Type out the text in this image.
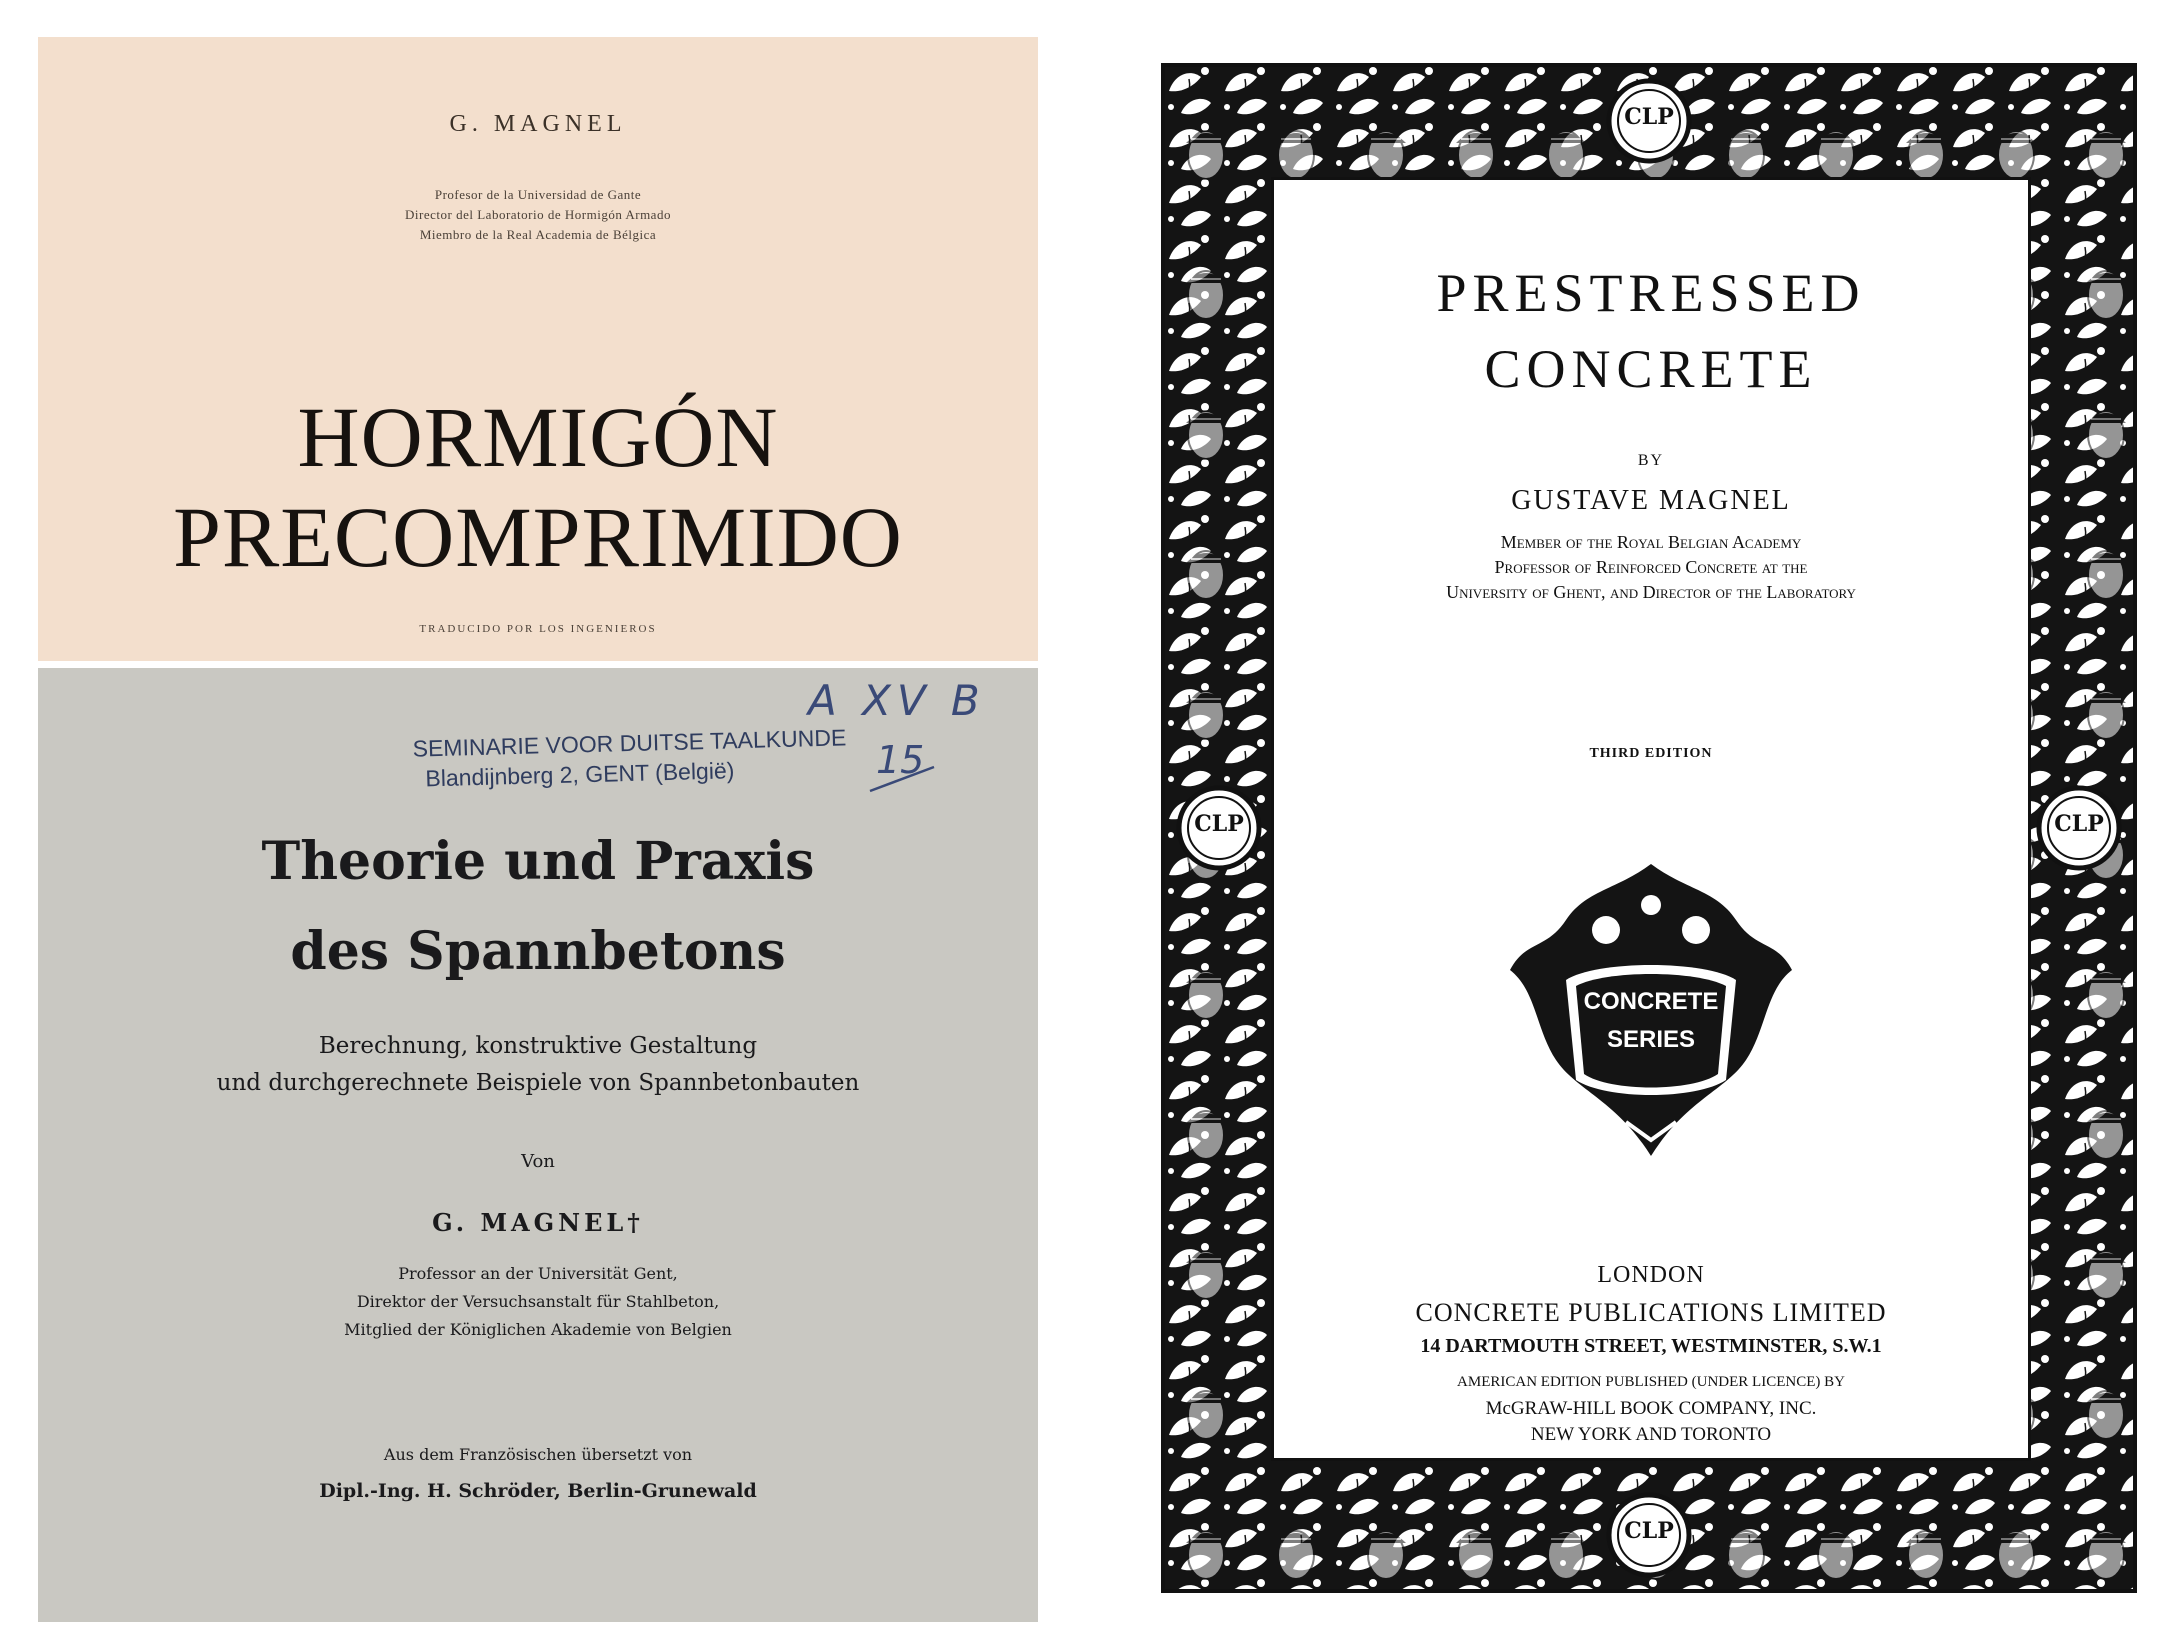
G. MAGNEL
Profesor de la Universidad de Gante
Director del Laboratorio de Hormigón Armado
Miembro de la Real Academia de Bélgica
HORMIGÓN
PRECOMPRIMIDO
TRADUCIDO POR LOS INGENIEROS
SEMINARIE VOOR DUITSE TAALKUNDE
Blandijnberg 2, GENT (België)
A XV B
15
Theorie und Praxis
des Spannbetons
Berechnung, konstruktive Gestaltung
und durchgerechnete Beispiele von Spannbetonbauten
Von
G. MAGNEL†
Professor an der Universität Gent,
Direktor der Versuchsanstalt für Stahlbeton,
Mitglied der Königlichen Akademie von Belgien
Aus dem Französischen übersetzt von
Dipl.-Ing. H. Schröder, Berlin-Grunewald
CLP
CLP
CLP	CLP
PRESTRESSED
CONCRETE
BY
GUSTAVE MAGNEL
Member of the Royal Belgian Academy
Professor of Reinforced Concrete at the
University of Ghent, and Director of the Laboratory
THIRD EDITION
CONCRETE
SERIES
LONDON
CONCRETE PUBLICATIONS LIMITED
14 DARTMOUTH STREET, WESTMINSTER, S.W.1
AMERICAN EDITION PUBLISHED (UNDER LICENCE) BY
McGRAW-HILL BOOK COMPANY, INC.
NEW YORK AND TORONTO
